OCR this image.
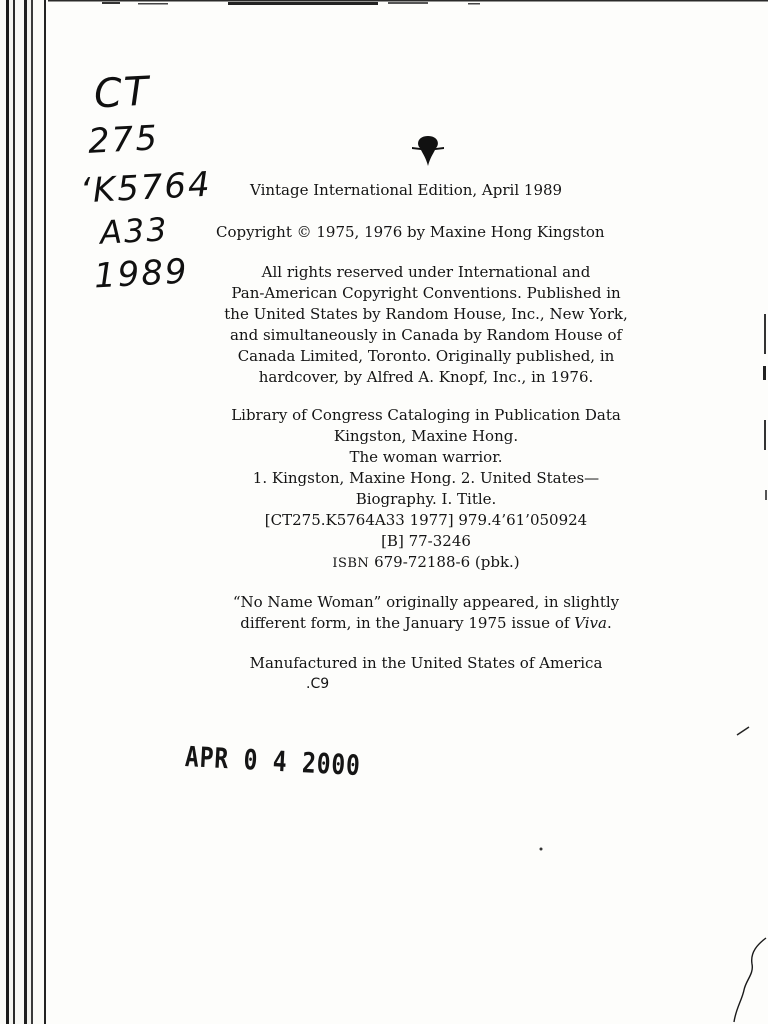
CT
275
ʻK5764
A33
1989
Vintage International Edition, April 1989
Copyright © 1975, 1976 by Maxine Hong Kingston
All rights reserved under International and
Pan-American Copyright Conventions. Published in
the United States by Random House, Inc., New York,
and simultaneously in Canada by Random House of
Canada Limited, Toronto. Originally published, in
hardcover, by Alfred A. Knopf, Inc., in 1976.
Library of Congress Cataloging in Publication Data
Kingston, Maxine Hong.
The woman warrior.
1. Kingston, Maxine Hong. 2. United States—
Biography. I. Title.
[CT275.K5764A33 1977] 979.4’61’050924
[B] 77-3246
ISBN 679-72188-6 (pbk.)
“No Name Woman” originally appeared, in slightly
different form, in the January 1975 issue of Viva.
Manufactured in the United States of America
.C9
APR 0 4 2000
